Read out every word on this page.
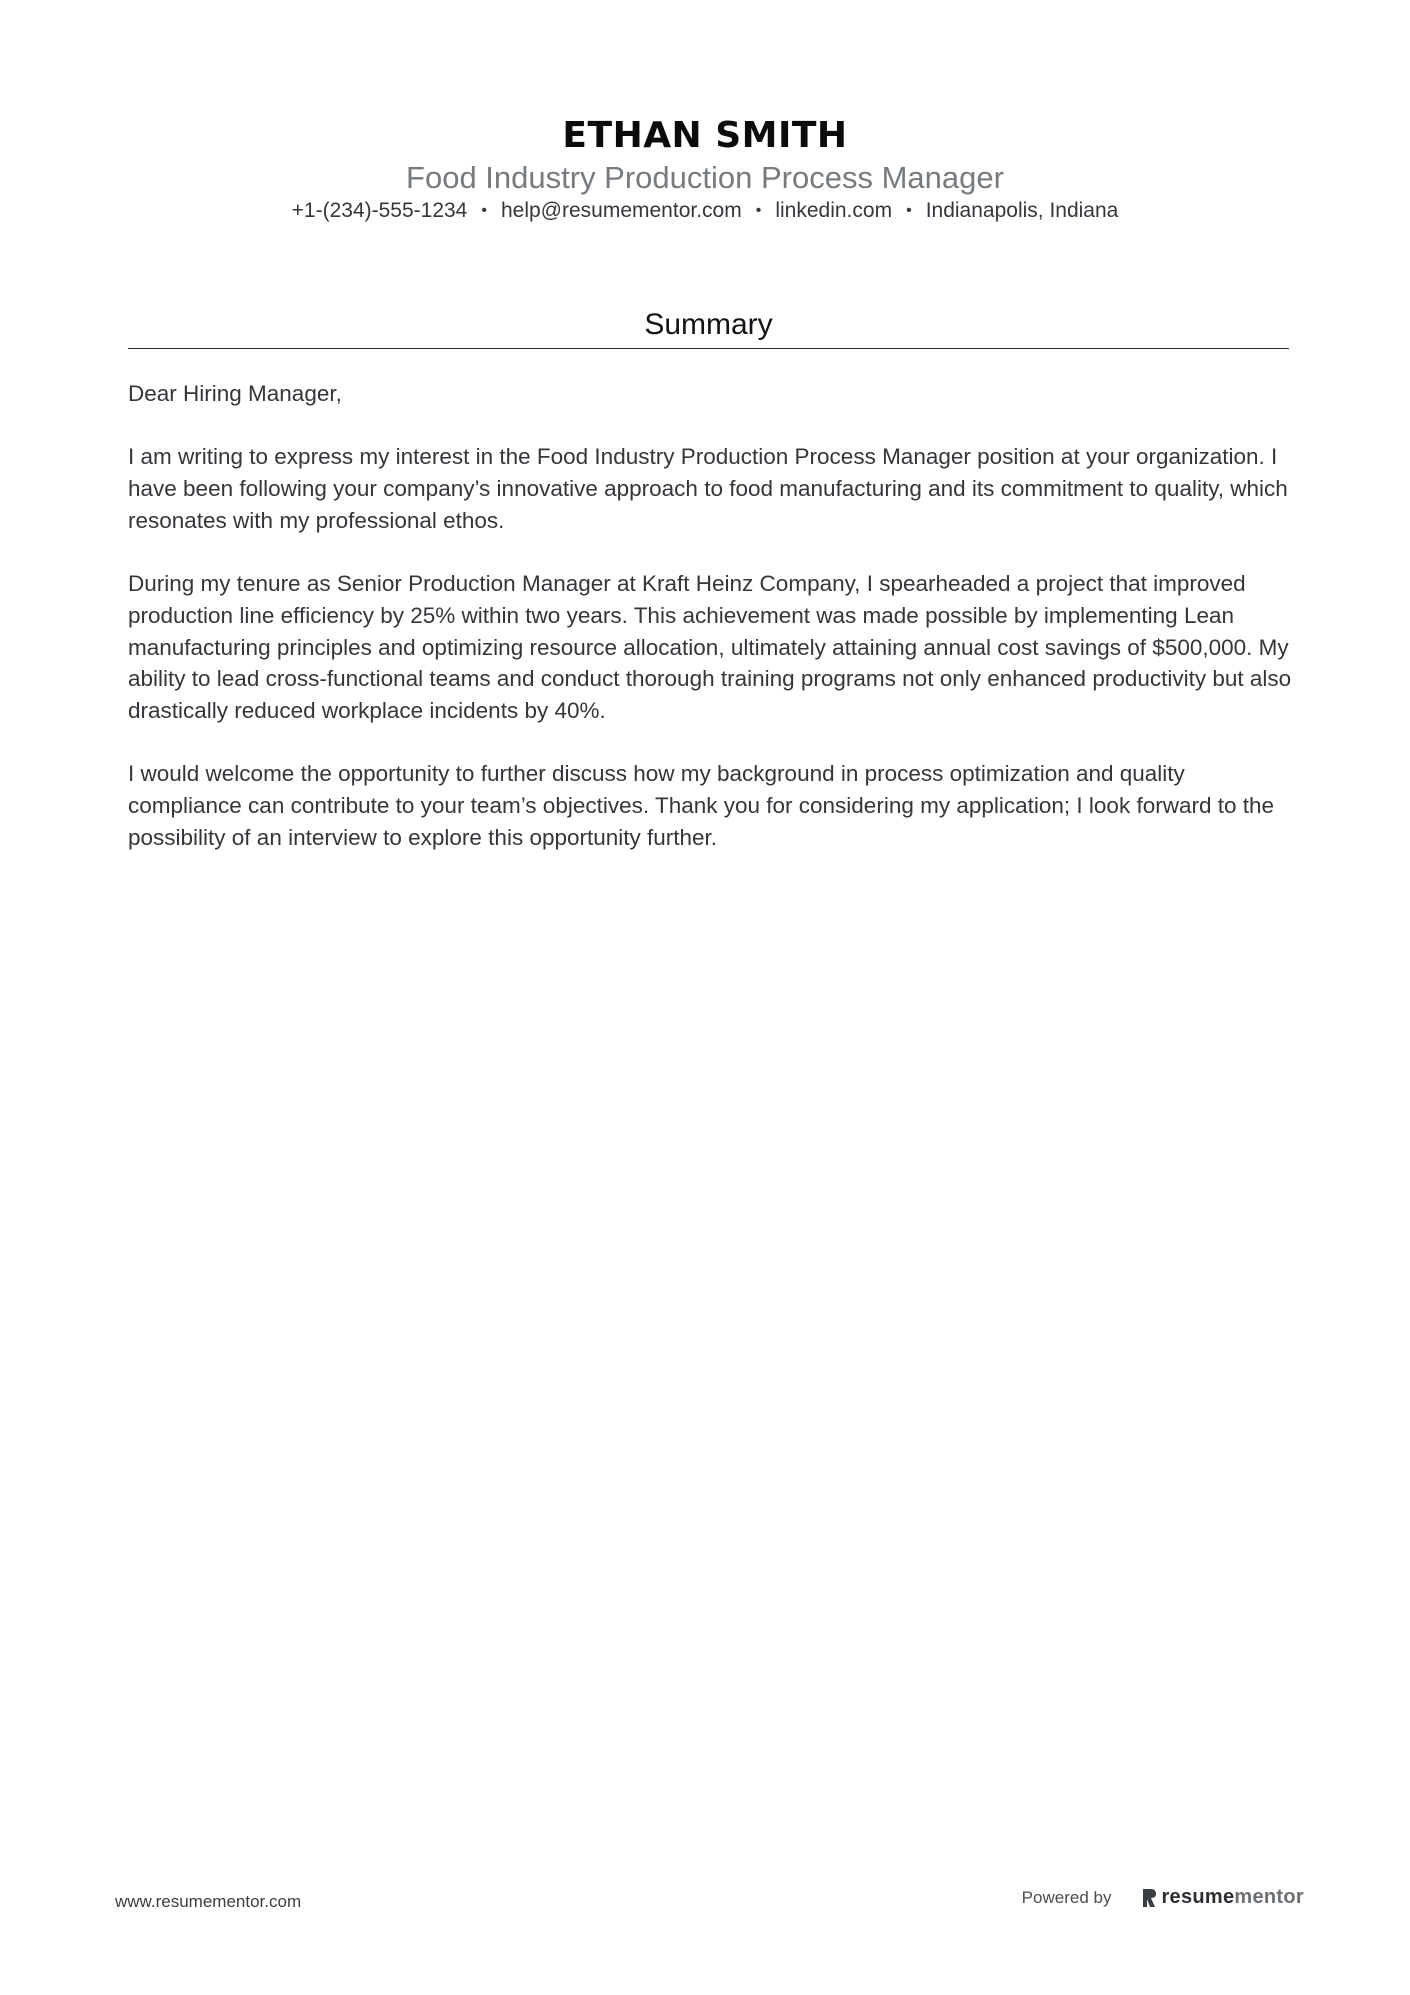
ETHAN SMITH
Food Industry Production Process Manager
+1-(234)-555-1234 • help@resumementor.com • linkedin.com • Indianapolis, Indiana
Summary

Dear Hiring Manager,

I am writing to express my interest in the Food Industry Production Process Manager position at your organization. I have been following your company’s innovative approach to food manufacturing and its commitment to quality, which resonates with my professional ethos.

During my tenure as Senior Production Manager at Kraft Heinz Company, I spearheaded a project that improved production line efficiency by 25% within two years. This achievement was made possible by implementing Lean manufacturing principles and optimizing resource allocation, ultimately attaining annual cost savings of $500,000. My ability to lead cross-functional teams and conduct thorough training programs not only enhanced productivity but also drastically reduced workplace incidents by 40%.

I would welcome the opportunity to further discuss how my background in process optimization and quality compliance can contribute to your team’s objectives. Thank you for considering my application; I look forward to the possibility of an interview to explore this opportunity further.

www.resumementor.com	Powered by	resume mentor
